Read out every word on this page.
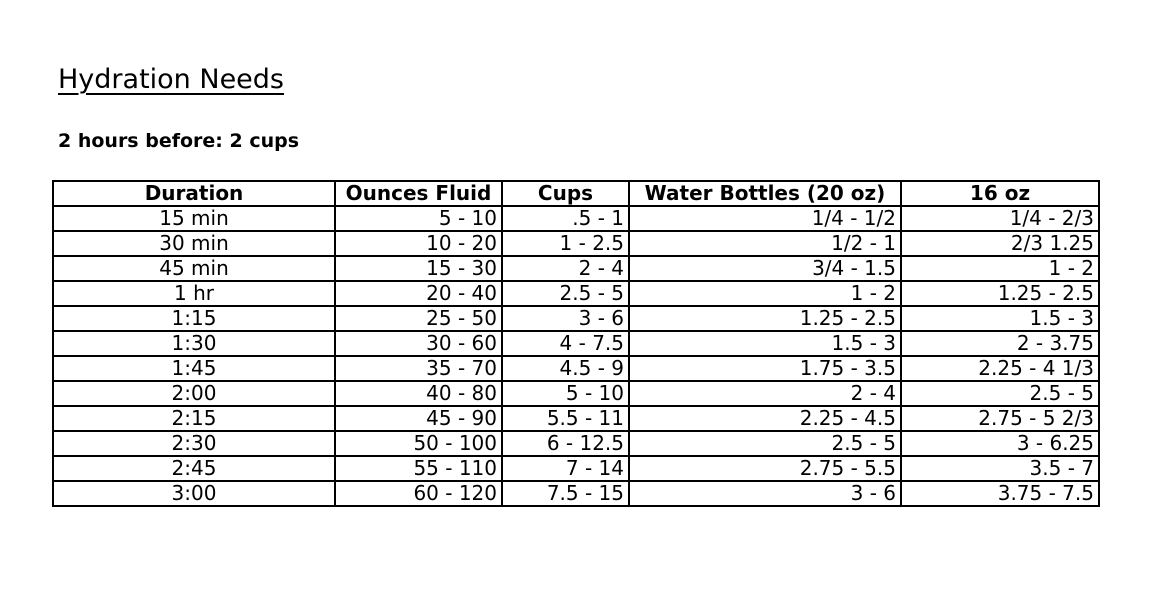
Hydration Needs
2 hours before: 2 cups
Duration	Ounces Fluid	Cups	Water Bottles (20 oz)	16 oz
15 min	5 - 10	.5 - 1	1/4 - 1/2	1/4 - 2/3
30 min	10 - 20	1 - 2.5	1/2 - 1	2/3 1.25
45 min	15 - 30	2 - 4	3/4 - 1.5	1 - 2
1 hr	20 - 40	2.5 - 5	1 - 2	1.25 - 2.5
1:15	25 - 50	3 - 6	1.25 - 2.5	1.5 - 3
1:30	30 - 60	4 - 7.5	1.5 - 3	2 - 3.75
1:45	35 - 70	4.5 - 9	1.75 - 3.5	2.25 - 4 1/3
2:00	40 - 80	5 - 10	2 - 4	2.5 - 5
2:15	45 - 90	5.5 - 11	2.25 - 4.5	2.75 - 5 2/3
2:30	50 - 100	6 - 12.5	2.5 - 5	3 - 6.25
2:45	55 - 110	7 - 14	2.75 - 5.5	3.5 - 7
3:00	60 - 120	7.5 - 15	3 - 6	3.75 - 7.5
